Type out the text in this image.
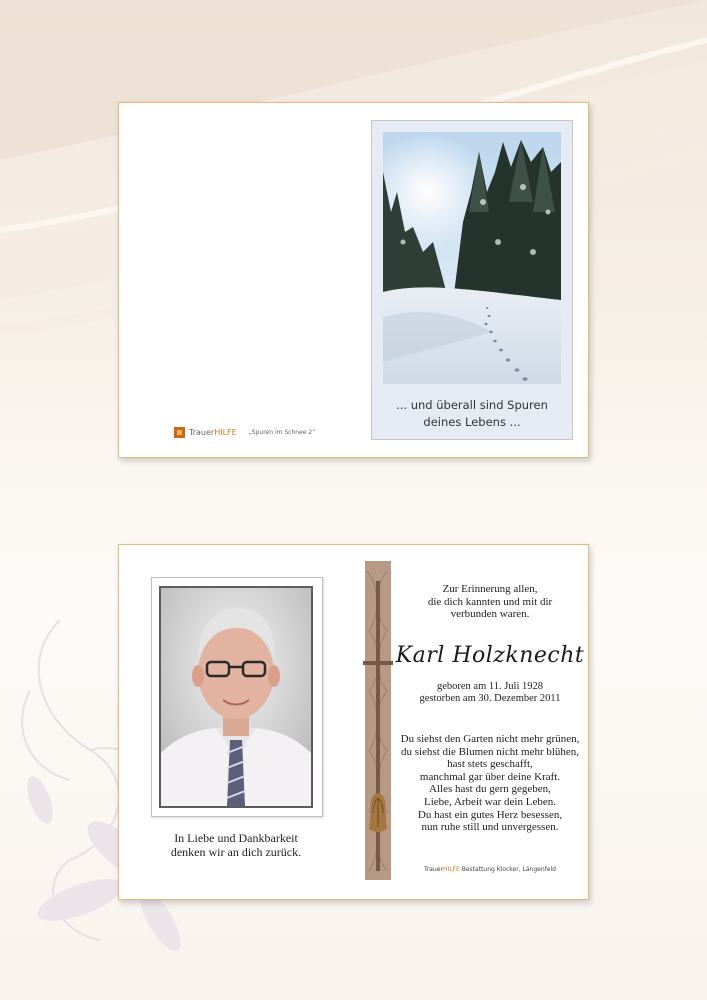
TrauerHILFE „Spuren im Schnee 2“
... und überall sind Spuren
deines Lebens ...
In Liebe und Dankbarkeit
denken wir an dich zurück.
Zur Erinnerung allen,
die dich kannten und mit dir
verbunden waren.
Karl Holzknecht
geboren am 11. Juli 1928
gestorben am 30. Dezember 2011
Du siehst den Garten nicht mehr grünen,
du siehst die Blumen nicht mehr blühen,
hast stets geschafft,
manchmal gar über deine Kraft.
Alles hast du gern gegeben,
Liebe, Arbeit war dein Leben.
Du hast ein gutes Herz besessen,
nun ruhe still und unvergessen.
TrauerHILFE Bestattung Klocker, Längenfeld
